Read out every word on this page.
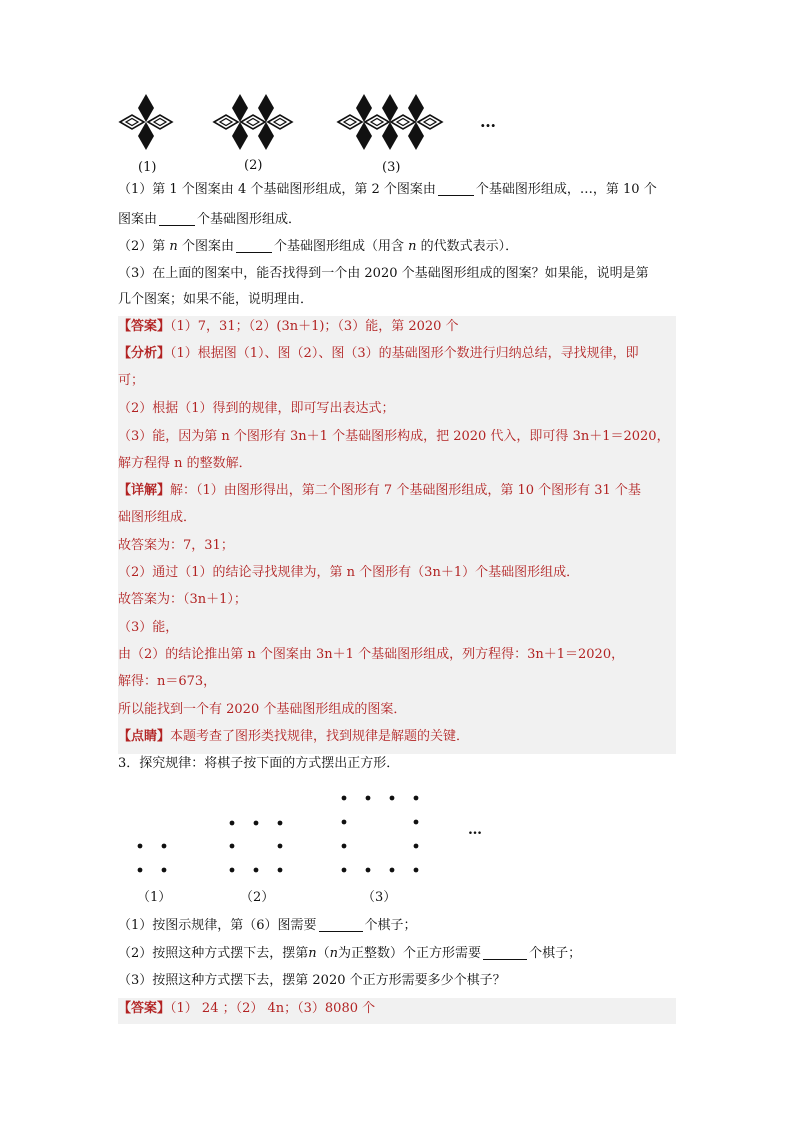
…
(1)	(2)	(3)
（1）第 1 个图案由 4 个基础图形组成，第 2 个图案由	个基础图形组成，…，第 10 个
图案由	个基础图形组成．
（2）第 n 个图案由	个基础图形组成（用含 n 的代数式表示）．
（3）在上面的图案中，能否找得到一个由 2020 个基础图形组成的图案？如果能，说明是第
几个图案；如果不能，说明理由．
【答案】（1）7，31；（2）(3n＋1)；（3）能，第 2020 个
【分析】（1）根据图（1）、图（2）、图（3）的基础图形个数进行归纳总结，寻找规律，即
可；
（2）根据（1）得到的规律，即可写出表达式；
（3）能，因为第 n 个图形有 3n＋1 个基础图形构成，把 2020 代入，即可得 3n＋1＝2020，
解方程得 n 的整数解．
【详解】解：（1）由图形得出，第二个图形有 7 个基础图形组成，第 10 个图形有 31 个基
础图形组成．
故答案为：7，31；
（2）通过（1）的结论寻找规律为，第 n 个图形有（3n＋1）个基础图形组成．
故答案为：（3n＋1）；
（3）能，
由（2）的结论推出第 n 个图案由 3n＋1 个基础图形组成，列方程得：3n＋1＝2020，
解得：n＝673，
所以能找到一个有 2020 个基础图形组成的图案．
【点睛】本题考查了图形类找规律，找到规律是解题的关键．
3．探究规律：将棋子按下面的方式摆出正方形．
…
（1）	（2）	（3）
（1）按图示规律，第（6）图需要	个棋子；
（2）按照这种方式摆下去，摆第n（n为正整数）个正方形需要	个棋子；
（3）按照这种方式摆下去，摆第 2020 个正方形需要多少个棋子？
【答案】（1） 24 ；（2） 4n；（3）8080 个
